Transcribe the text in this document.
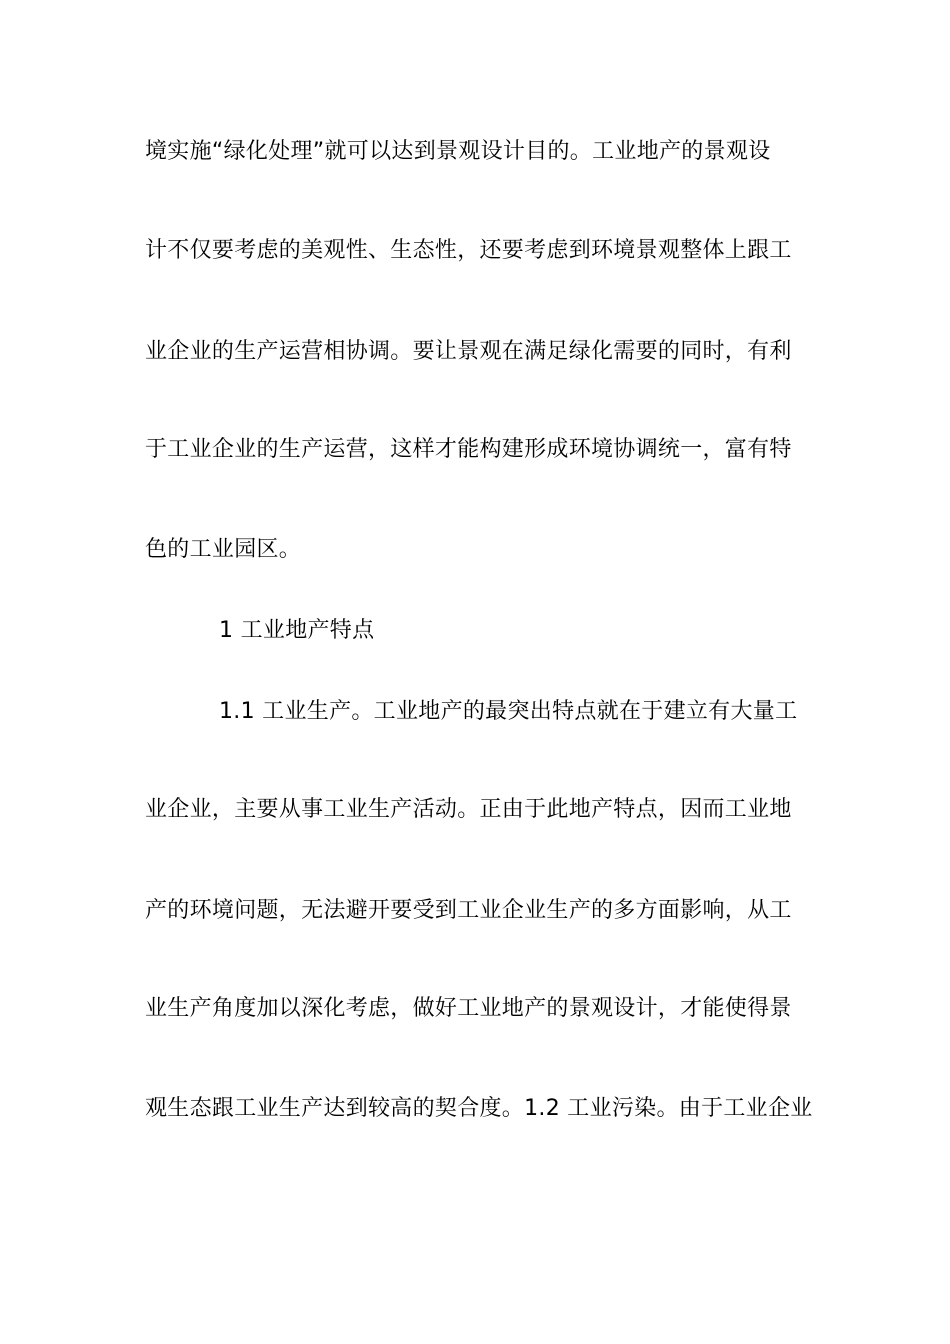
境实施“绿化处理”就可以达到景观设计目的。工业地产的景观设
计不仅要考虑的美观性、生态性，还要考虑到环境景观整体上跟工
业企业的生产运营相协调。要让景观在满足绿化需要的同时，有利
于工业企业的生产运营，这样才能构建形成环境协调统一，富有特
色的工业园区。
1 工业地产特点
1.1 工业生产。工业地产的最突出特点就在于建立有大量工
业企业，主要从事工业生产活动。正由于此地产特点，因而工业地
产的环境问题，无法避开要受到工业企业生产的多方面影响，从工
业生产角度加以深化考虑，做好工业地产的景观设计，才能使得景
观生态跟工业生产达到较高的契合度。1.2 工业污染。由于工业企业
